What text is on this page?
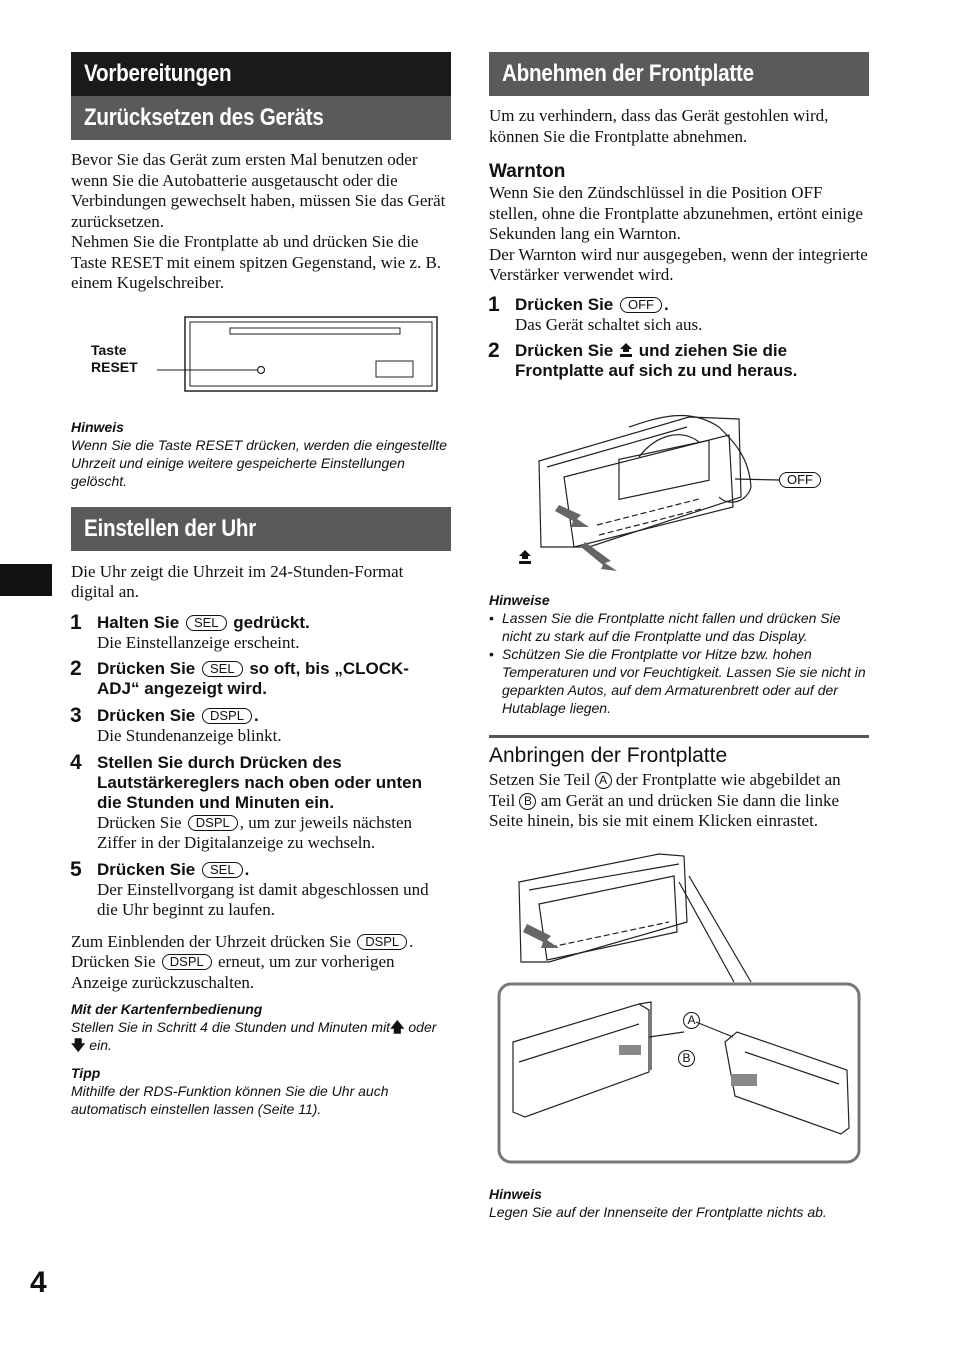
4
Vorbereitungen
Zurücksetzen des Geräts

Bevor Sie das Gerät zum ersten Mal benutzen oder wenn Sie die Autobatterie ausgetauscht oder die Verbindungen gewechselt haben, müssen Sie das Gerät zurücksetzen.

Nehmen Sie die Frontplatte ab und drücken Sie die Taste RESET mit einem spitzen Gegenstand, wie z. B. einem Kugelschreiber.

Taste
RESET
Hinweis
Wenn Sie die Taste RESET drücken, werden die eingestellte Uhrzeit und einige weitere gespeicherte Einstellungen gelöscht.
Einstellen der Uhr

Die Uhr zeigt die Uhrzeit im 24-Stunden-Format digital an.

1 Halten Sie SEL gedrückt.
Die Einstellanzeige erscheint.
2 Drücken Sie SEL so oft, bis „CLOCK-ADJ“ angezeigt wird.
3 Drücken Sie DSPL .
Die Stundenanzeige blinkt.
4 Stellen Sie durch Drücken des Lautstärkereglers nach oben oder unten die Stunden und Minuten ein.
Drücken Sie DSPL , um zur jeweils nächsten Ziffer in der Digitalanzeige zu wechseln.
5 Drücken Sie SEL .
Der Einstellvorgang ist damit abgeschlossen und die Uhr beginnt zu laufen.

Zum Einblenden der Uhrzeit drücken Sie DSPL . Drücken Sie DSPL erneut, um zur vorherigen Anzeige zurückzuschalten.

Mit der Kartenfernbedienung
Stellen Sie in Schritt 4 die Stunden und Minuten mit🡅 oder 🡇 ein.
Tipp
Mithilfe der RDS-Funktion können Sie die Uhr auch automatisch einstellen lassen (Seite 11).
Abnehmen der Frontplatte

Um zu verhindern, dass das Gerät gestohlen wird, können Sie die Frontplatte abnehmen.

Warnton

Wenn Sie den Zündschlüssel in die Position OFF stellen, ohne die Frontplatte abzunehmen, ertönt einige Sekunden lang ein Warnton.

Der Warnton wird nur ausgegeben, wenn der integrierte Verstärker verwendet wird.

1 Drücken Sie OFF .
Das Gerät schaltet sich aus.
2 Drücken Sie und ziehen Sie die Frontplatte auf sich zu und heraus.
OFF
Hinweise
• Lassen Sie die Frontplatte nicht fallen und drücken Sie nicht zu stark auf die Frontplatte und das Display.
• Schützen Sie die Frontplatte vor Hitze bzw. hohen Temperaturen und vor Feuchtigkeit. Lassen Sie sie nicht in geparkten Autos, auf dem Armaturenbrett oder auf der Hutablage liegen.
Anbringen der Frontplatte

Setzen Sie Teil A der Frontplatte wie abgebildet an Teil B am Gerät an und drücken Sie dann die linke Seite hinein, bis sie mit einem Klicken einrastet.

A
B
Hinweis
Legen Sie auf der Innenseite der Frontplatte nichts ab.
